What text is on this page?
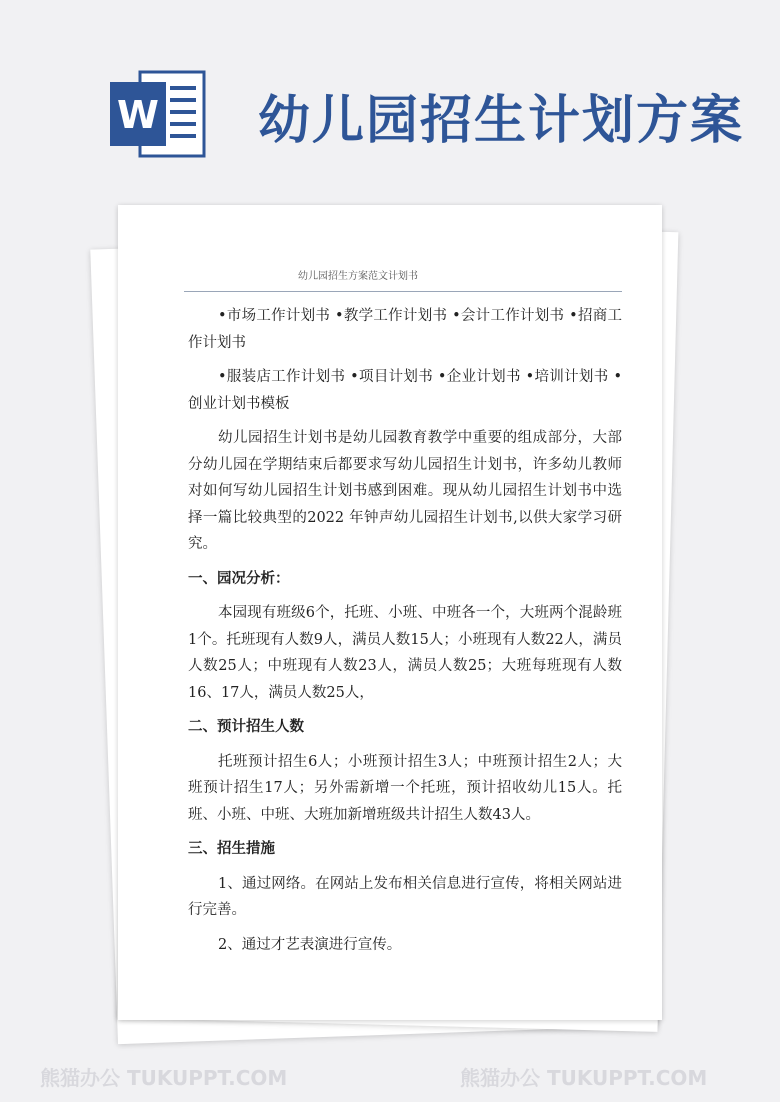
W 幼儿园招生计划方案
幼儿园招生方案范文计划书
•市场工作计划书 •教学工作计划书 •会计工作计划书 •招商工作计划书
•服装店工作计划书 •项目计划书 •企业计划书 •培训计划书 •创业计划书模板
幼儿园招生计划书是幼儿园教育教学中重要的组成部分，大部分幼儿园在学期结束后都要求写幼儿园招生计划书，许多幼儿教师对如何写幼儿园招生计划书感到困难。现从幼儿园招生计划书中选择一篇比较典型的2022 年钟声幼儿园招生计划书,以供大家学习研究。
一、园况分析：
本园现有班级6个，托班、小班、中班各一个，大班两个混龄班1个。托班现有人数9人，满员人数15人；小班现有人数22人，满员人数25人；中班现有人数23人，满员人数25；大班每班现有人数16、17人，满员人数25人，
二、预计招生人数
托班预计招生6人；小班预计招生3人；中班预计招生2人；大班预计招生17人；另外需新增一个托班，预计招收幼儿15人。托班、小班、中班、大班加新增班级共计招生人数43人。
三、招生措施
1、通过网络。在网站上发布相关信息进行宣传，将相关网站进行完善。
2、通过才艺表演进行宣传。
熊猫办公 TUKUPPT.COM	熊猫办公 TUKUPPT.COM
